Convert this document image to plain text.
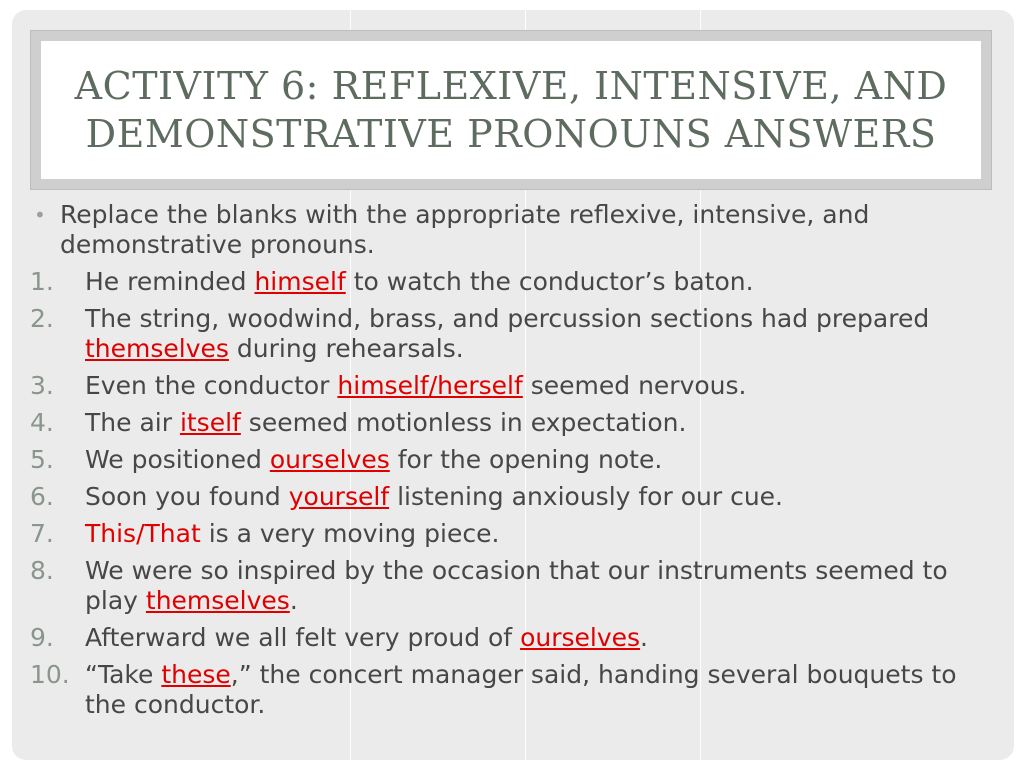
ACTIVITY 6: REFLEXIVE, INTENSIVE, AND
DEMONSTRATIVE PRONOUNS ANSWERS
• Replace the blanks with the appropriate reflexive, intensive, and demonstrative pronouns.
1. He reminded himself to watch the conductor’s baton.
2. The string, woodwind, brass, and percussion sections had prepared themselves during rehearsals.
3. Even the conductor himself/herself seemed nervous.
4. The air itself seemed motionless in expectation.
5. We positioned ourselves for the opening note.
6. Soon you found yourself listening anxiously for our cue.
7. This/That is a very moving piece.
8. We were so inspired by the occasion that our instruments seemed to play themselves.
9. Afterward we all felt very proud of ourselves.
10. “Take these,” the concert manager said, handing several bouquets to the conductor.
